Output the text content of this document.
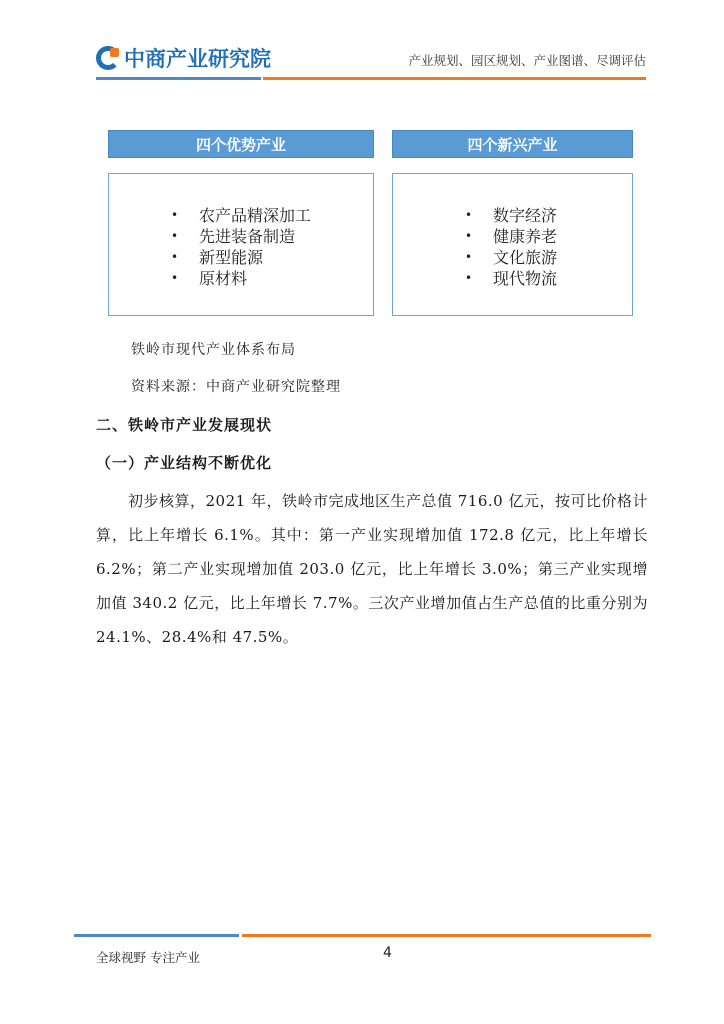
中商产业研究院	产业规划、园区规划、产业图谱、尽调评估
四个优势产业
•	农产品精深加工
•	先进装备制造
•	新型能源
•	原材料
四个新兴产业
•	数字经济
•	健康养老
•	文化旅游
•	现代物流
铁岭市现代产业体系布局
资料来源：中商产业研究院整理
二、铁岭市产业发展现状
（一）产业结构不断优化
初步核算，2021 年，铁岭市完成地区生产总值 716.0 亿元，按可比价格计算，比上年增长 6.1%。其中：第一产业实现增加值 172.8 亿元，比上年增长 6.2%；第二产业实现增加值 203.0 亿元，比上年增长 3.0%；第三产业实现增加值 340.2 亿元，比上年增长 7.7%。三次产业增加值占生产总值的比重分别为 24.1%、28.4%和 47.5%。
全球视野 专注产业	4
